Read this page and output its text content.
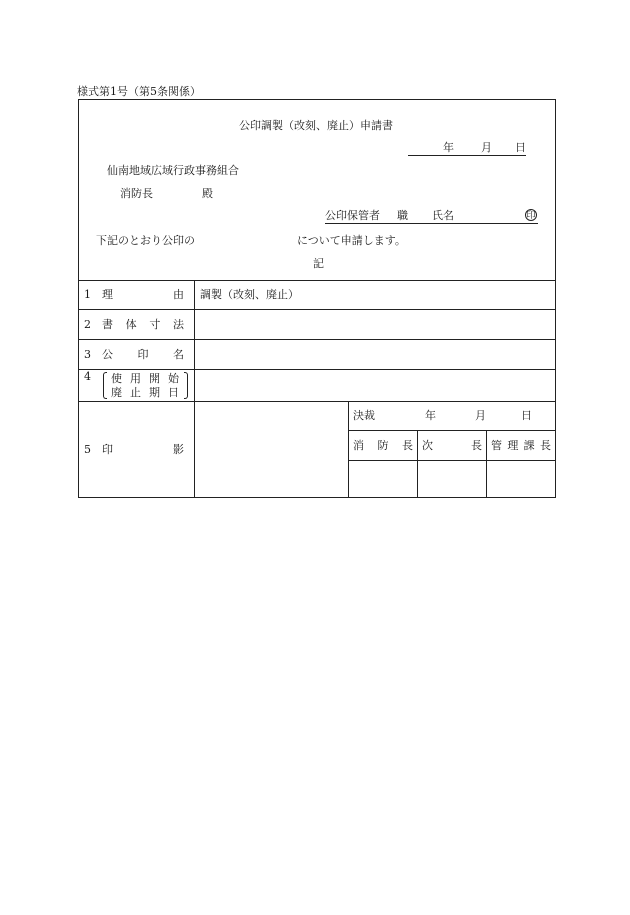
様式第1号（第5条関係）
公印調製（改刻、廃止）申請書
年 月 日
仙南地域広域行政事務組合
消防長	殿
公印保管者 職 氏名	印
下記のとおり公印の	について申請します。
記
1 理由 調製（改刻、廃止）
2 書体寸法
3 公印名
4 使用開始
廃止期日
5 印影
決裁	年	月	日
消防長 次　　長 管理課長
